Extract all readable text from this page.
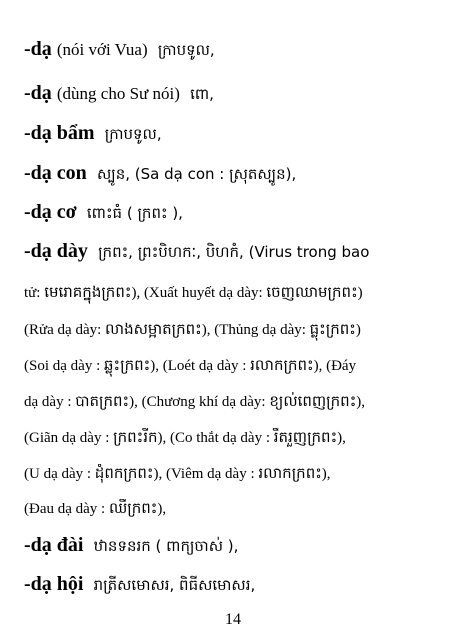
-dạ (nói với Vua) ក្រាបទូល,
-dạ (dùng cho Sư nói) ពោ,
-dạ bẩm ក្រាបទូល,
-dạ con ស្បូន, (Sa dạ con : ស្រុតស្បូន),
-dạ cơ ពោះធំ ( ក្រពះ ),
-dạ dày ក្រពះ, ព្រះបិហកៈ, បិហកំ, (Virus trong bao
tử: មេរោគក្នុងក្រពះ), (Xuất huyết dạ dày: ចេញឈាមក្រពះ)
(Rửa dạ dày: លាងសម្អាតក្រពះ), (Thủng dạ dày: ធ្លុះក្រពះ)
(Soi dạ dày : ឆ្លុះក្រពះ), (Loét dạ dày : រលាកក្រពះ), (Đáy
dạ dày : បាតក្រពះ), (Chương khí dạ dày: ខ្យល់ពេញក្រពះ),
(Giãn dạ dày : ក្រពះរីក), (Co thắt dạ dày : រឹតរួញក្រពះ),
(U dạ dày : ដុំពកក្រពះ), (Viêm dạ dày : រលាកក្រពះ),
(Đau dạ dày : ឈឺក្រពះ),
-dạ đài ឋានទនរក ( ពាក្យចាស់ ),
-dạ hội រាត្រីសមោសរ, ពិធីសមោសរ,
14
